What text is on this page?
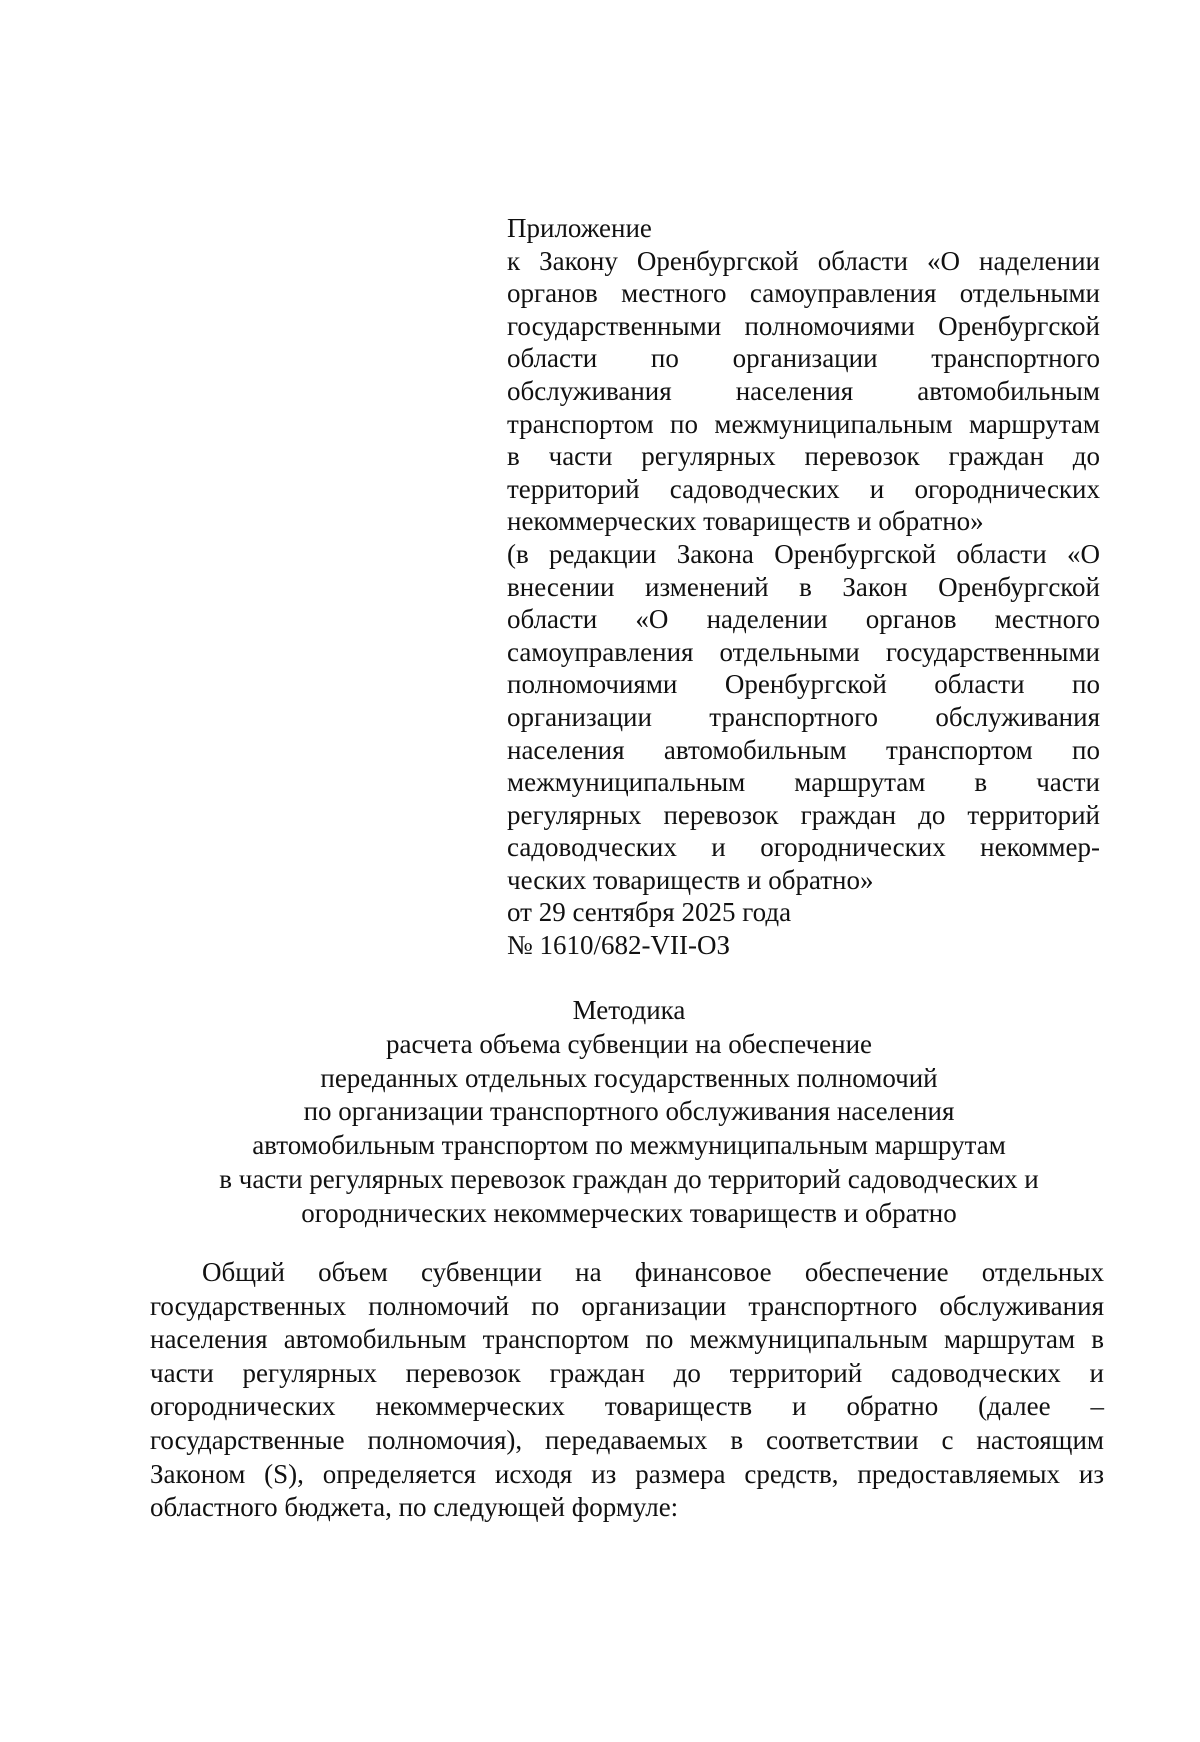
Приложение
к Закону Оренбургской области «О наделении
органов местного самоуправления отдельными
государственными полномочиями Оренбургской
области по организации транспортного
обслуживания населения автомобильным
транспортом по межмуниципальным маршрутам
в части регулярных перевозок граждан до
территорий садоводческих и огороднических
некоммерческих товариществ и обратно»
(в редакции Закона Оренбургской области «О
внесении изменений в Закон Оренбургской
области «О наделении органов местного
самоуправления отдельными государственными
полномочиями Оренбургской области по
организации транспортного обслуживания
населения автомобильным транспортом по
межмуниципальным маршрутам в части
регулярных перевозок граждан до территорий
садоводческих и огороднических некоммер-
ческих товариществ и обратно»
от 29 сентября 2025 года
№ 1610/682-VII-ОЗ
Методика
расчета объема субвенции на обеспечение
переданных отдельных государственных полномочий
по организации транспортного обслуживания населения
автомобильным транспортом по межмуниципальным маршрутам
в части регулярных перевозок граждан до территорий садоводческих и
огороднических некоммерческих товариществ и обратно
Общий объем субвенции на финансовое обеспечение отдельных
государственных полномочий по организации транспортного обслуживания
населения автомобильным транспортом по межмуниципальным маршрутам в
части регулярных перевозок граждан до территорий садоводческих и
огороднических некоммерческих товариществ и обратно (далее –
государственные полномочия), передаваемых в соответствии с настоящим
Законом (S), определяется исходя из размера средств, предоставляемых из
областного бюджета, по следующей формуле:
